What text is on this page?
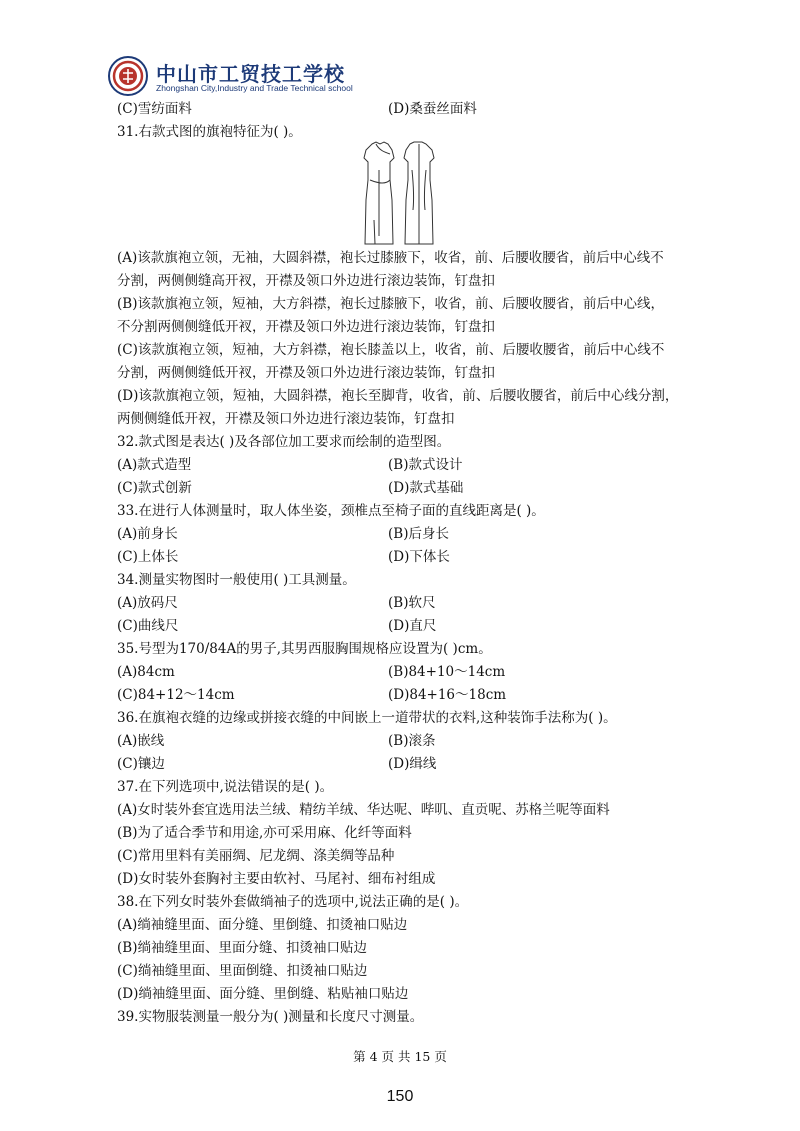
中山市工贸技工学校
Zhongshan City,Industry and Trade Technical school
(C)雪纺面料	(D)桑蚕丝面料
31.右款式图的旗袍特征为( )。
(A)该款旗袍立领，无袖，大圆斜襟，袍长过膝腋下，收省，前、后腰收腰省，前后中心线不
分割，两侧侧缝高开衩，开襟及领口外边进行滚边装饰，钉盘扣
(B)该款旗袍立领，短袖，大方斜襟，袍长过膝腋下，收省，前、后腰收腰省，前后中心线，
不分割两侧侧缝低开衩，开襟及领口外边进行滚边装饰，钉盘扣
(C)该款旗袍立领，短袖，大方斜襟，袍长膝盖以上，收省，前、后腰收腰省，前后中心线不
分割，两侧侧缝低开衩，开襟及领口外边进行滚边装饰，钉盘扣
(D)该款旗袍立领，短袖，大圆斜襟，袍长至脚背，收省，前、后腰收腰省，前后中心线分割，
两侧侧缝低开衩，开襟及领口外边进行滚边装饰，钉盘扣
32.款式图是表达( )及各部位加工要求而绘制的造型图。
(A)款式造型	(B)款式设计
(C)款式创新	(D)款式基础
33.在进行人体测量时，取人体坐姿，颈椎点至椅子面的直线距离是( )。
(A)前身长	(B)后身长
(C)上体长	(D)下体长
34.测量实物图时一般使用( )工具测量。
(A)放码尺	(B)软尺
(C)曲线尺	(D)直尺
35.号型为170/84A的男子,其男西服胸围规格应设置为( )cm。
(A)84cm	(B)84+10～14cm
(C)84+12～14cm	(D)84+16～18cm
36.在旗袍衣缝的边缘或拼接衣缝的中间嵌上一道带状的衣料,这种装饰手法称为( )。
(A)嵌线	(B)滚条
(C)镶边	(D)缉线
37.在下列选项中,说法错误的是( )。
(A)女时装外套宜选用法兰绒、精纺羊绒、华达呢、哔叽、直贡呢、苏格兰呢等面料
(B)为了适合季节和用途,亦可采用麻、化纤等面料
(C)常用里料有美丽绸、尼龙绸、涤美绸等品种
(D)女时装外套胸衬主要由软衬、马尾衬、细布衬组成
38.在下列女时装外套做绱袖子的选项中,说法正确的是( )。
(A)绱袖缝里面、面分缝、里倒缝、扣烫袖口贴边
(B)绱袖缝里面、里面分缝、扣烫袖口贴边
(C)绱袖缝里面、里面倒缝、扣烫袖口贴边
(D)绱袖缝里面、面分缝、里倒缝、粘贴袖口贴边
39.实物服装测量一般分为( )测量和长度尺寸测量。
第 4 页 共 15 页
150
